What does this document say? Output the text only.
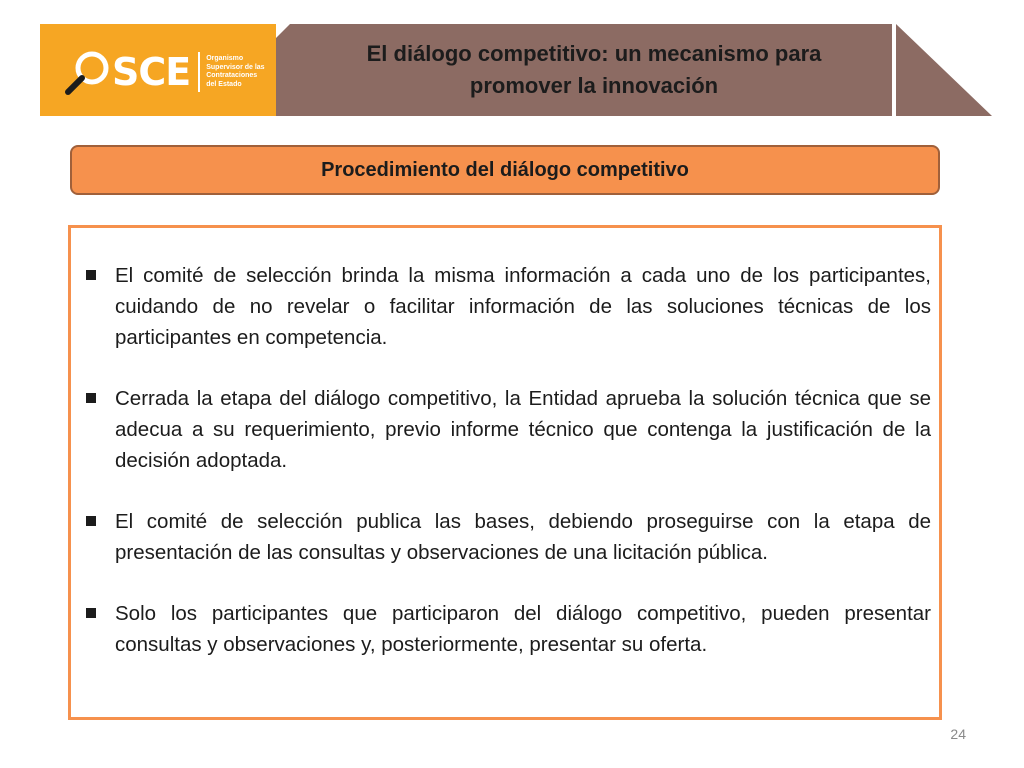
SCE Organismo
Supervisor de las
Contrataciones
del Estado
El diálogo competitivo: un mecanismo para promover la innovación
Procedimiento del diálogo competitivo
El comité de selección brinda la misma información a cada uno de los participantes, cuidando de no revelar o facilitar información de las soluciones técnicas de los participantes en competencia.
Cerrada la etapa del diálogo competitivo, la Entidad aprueba la solución técnica que se adecua a su requerimiento, previo informe técnico que contenga la justificación de la decisión adoptada.
El comité de selección publica las bases, debiendo proseguirse con la etapa de presentación de las consultas y observaciones de una licitación pública.
Solo los participantes que participaron del diálogo competitivo, pueden presentar consultas y observaciones y, posteriormente, presentar su oferta.
24
